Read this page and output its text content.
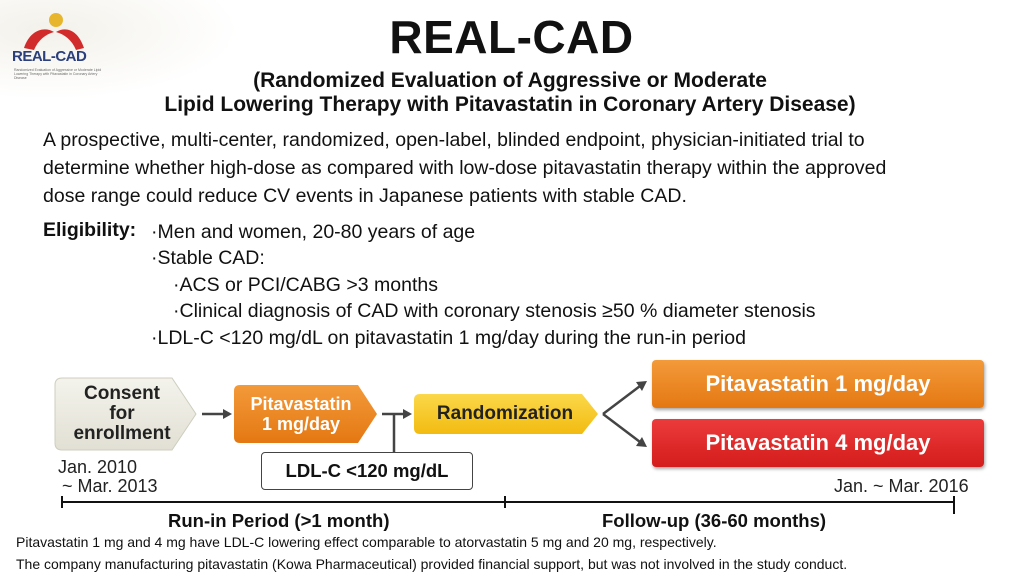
REAL-CAD
Randomized Evaluation of Aggressive or Moderate Lipid Lowering Therapy with Pitavastatin in Coronary Artery Disease
REAL-CAD
(Randomized Evaluation of Aggressive or Moderate
Lipid Lowering Therapy with Pitavastatin in Coronary Artery Disease)
A prospective, multi-center, randomized, open-label, blinded endpoint, physician-initiated trial to
determine whether high-dose as compared with low-dose pitavastatin therapy within the approved
dose range could reduce CV events in Japanese patients with stable CAD.
Eligibility: ·Men and women, 20-80 years of age
·Stable CAD:
·ACS or PCI/CABG >3 months
·Clinical diagnosis of CAD with coronary stenosis ≥50 % diameter stenosis
·LDL-C <120 mg/dL on pitavastatin 1 mg/day during the run-in period
Consent
for
enrollment
Pitavastatin
1 mg/day	Randomization
Pitavastatin 1 mg/day
Pitavastatin 4 mg/day
LDL-C <120 mg/dL
Jan. 2010
~ Mar. 2013	Jan. ~ Mar. 2016
Run-in Period (>1 month)	Follow-up (36-60 months)
Pitavastatin 1 mg and 4 mg have LDL-C lowering effect comparable to atorvastatin 5 mg and 20 mg, respectively.
The company manufacturing pitavastatin (Kowa Pharmaceutical) provided financial support, but was not involved in the study conduct.
